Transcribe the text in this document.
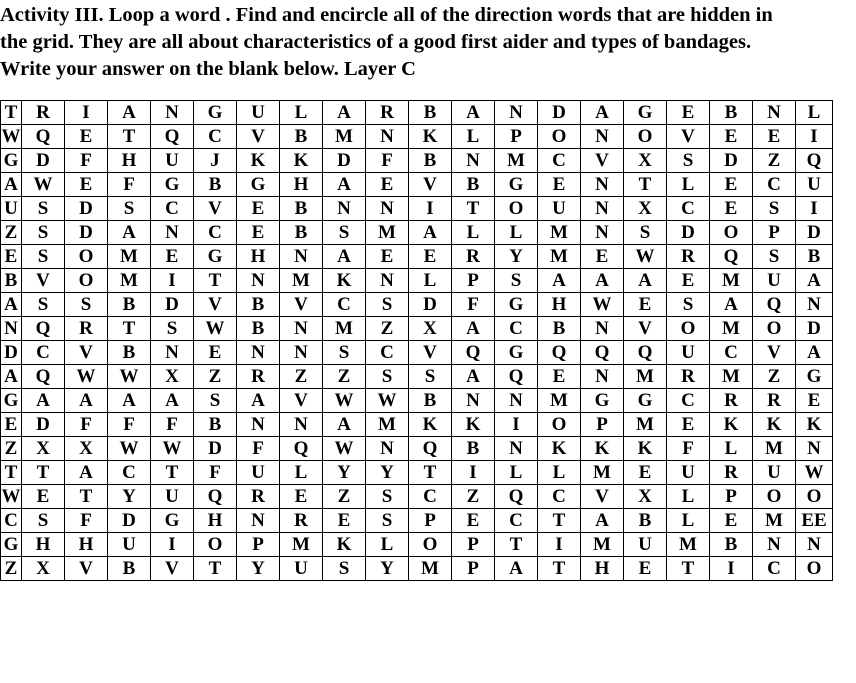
Activity III. Loop a word . Find and encircle all of the direction words that are hidden in
the grid. They are all about characteristics of a good first aider and types of bandages.
Write your answer on the blank below. Layer C
T	R	I	A	N	G	U	L	A	R	B	A	N	D	A	G	E	B	N	L
W	Q	E	T	Q	C	V	B	M	N	K	L	P	O	N	O	V	E	E	I
G	D	F	H	U	J	K	K	D	F	B	N	M	C	V	X	S	D	Z	Q
A	W	E	F	G	B	G	H	A	E	V	B	G	E	N	T	L	E	C	U
U	S	D	S	C	V	E	B	N	N	I	T	O	U	N	X	C	E	S	I
Z	S	D	A	N	C	E	B	S	M	A	L	L	M	N	S	D	O	P	D
E	S	O	M	E	G	H	N	A	E	E	R	Y	M	E	W	R	Q	S	B
B	V	O	M	I	T	N	M	K	N	L	P	S	A	A	A	E	M	U	A
A	S	S	B	D	V	B	V	C	S	D	F	G	H	W	E	S	A	Q	N
N	Q	R	T	S	W	B	N	M	Z	X	A	C	B	N	V	O	M	O	D
D	C	V	B	N	E	N	N	S	C	V	Q	G	Q	Q	Q	U	C	V	A
A	Q	W	W	X	Z	R	Z	Z	S	S	A	Q	E	N	M	R	M	Z	G
G	A	A	A	A	S	A	V	W	W	B	N	N	M	G	G	C	R	R	E
E	D	F	F	F	B	N	N	A	M	K	K	I	O	P	M	E	K	K	K
Z	X	X	W	W	D	F	Q	W	N	Q	B	N	K	K	K	F	L	M	N
T	T	A	C	T	F	U	L	Y	Y	T	I	L	L	M	E	U	R	U	W
W	E	T	Y	U	Q	R	E	Z	S	C	Z	Q	C	V	X	L	P	O	O
C	S	F	D	G	H	N	R	E	S	P	E	C	T	A	B	L	E	M	EE
G	H	H	U	I	O	P	M	K	L	O	P	T	I	M	U	M	B	N	N
Z	X	V	B	V	T	Y	U	S	Y	M	P	A	T	H	E	T	I	C	O
